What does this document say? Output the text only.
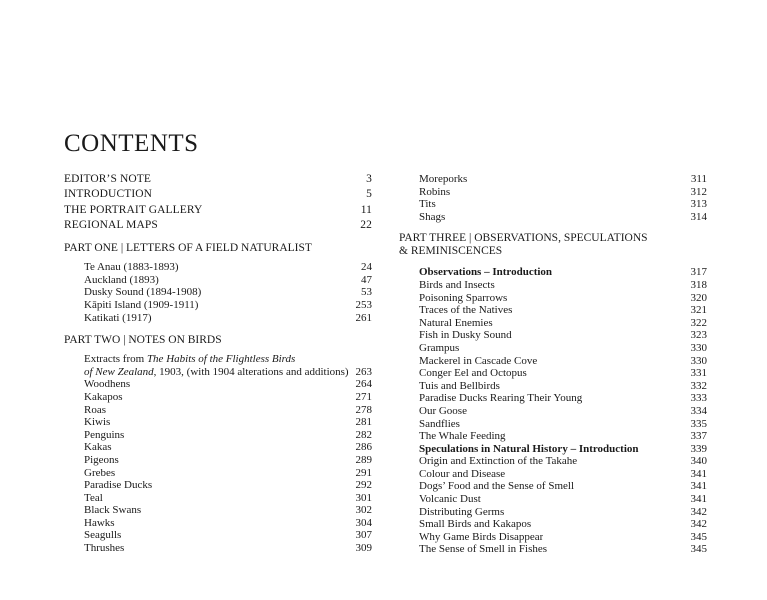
CONTENTS
EDITOR’S NOTE	3
INTRODUCTION	5
THE PORTRAIT GALLERY	11
REGIONAL MAPS	22
PART ONE | LETTERS OF A FIELD NATURALIST
Te Anau (1883-1893)	24
Auckland (1893)	47
Dusky Sound (1894-1908)	53
Kāpiti Island (1909-1911)	253
Katikati (1917)	261
PART TWO | NOTES ON BIRDS
Extracts from The Habits of the Flightless Birds
of New Zealand, 1903, (with 1904 alterations and additions) 263
Woodhens	264
Kakapos	271
Roas	278
Kiwis	281
Penguins	282
Kakas	286
Pigeons	289
Grebes	291
Paradise Ducks	292
Teal	301
Black Swans	302
Hawks	304
Seagulls	307
Thrushes	309
Moreporks	311
Robins	312
Tits	313
Shags	314
PART THREE | OBSERVATIONS, SPECULATIONS
& REMINISCENCES
Observations – Introduction	317
Birds and Insects	318
Poisoning Sparrows	320
Traces of the Natives	321
Natural Enemies	322
Fish in Dusky Sound	323
Grampus	330
Mackerel in Cascade Cove	330
Conger Eel and Octopus	331
Tuis and Bellbirds	332
Paradise Ducks Rearing Their Young	333
Our Goose	334
Sandflies	335
The Whale Feeding	337
Speculations in Natural History – Introduction	339
Origin and Extinction of the Takahe	340
Colour and Disease	341
Dogs’ Food and the Sense of Smell	341
Volcanic Dust	341
Distributing Germs	342
Small Birds and Kakapos	342
Why Game Birds Disappear	345
The Sense of Smell in Fishes	345
